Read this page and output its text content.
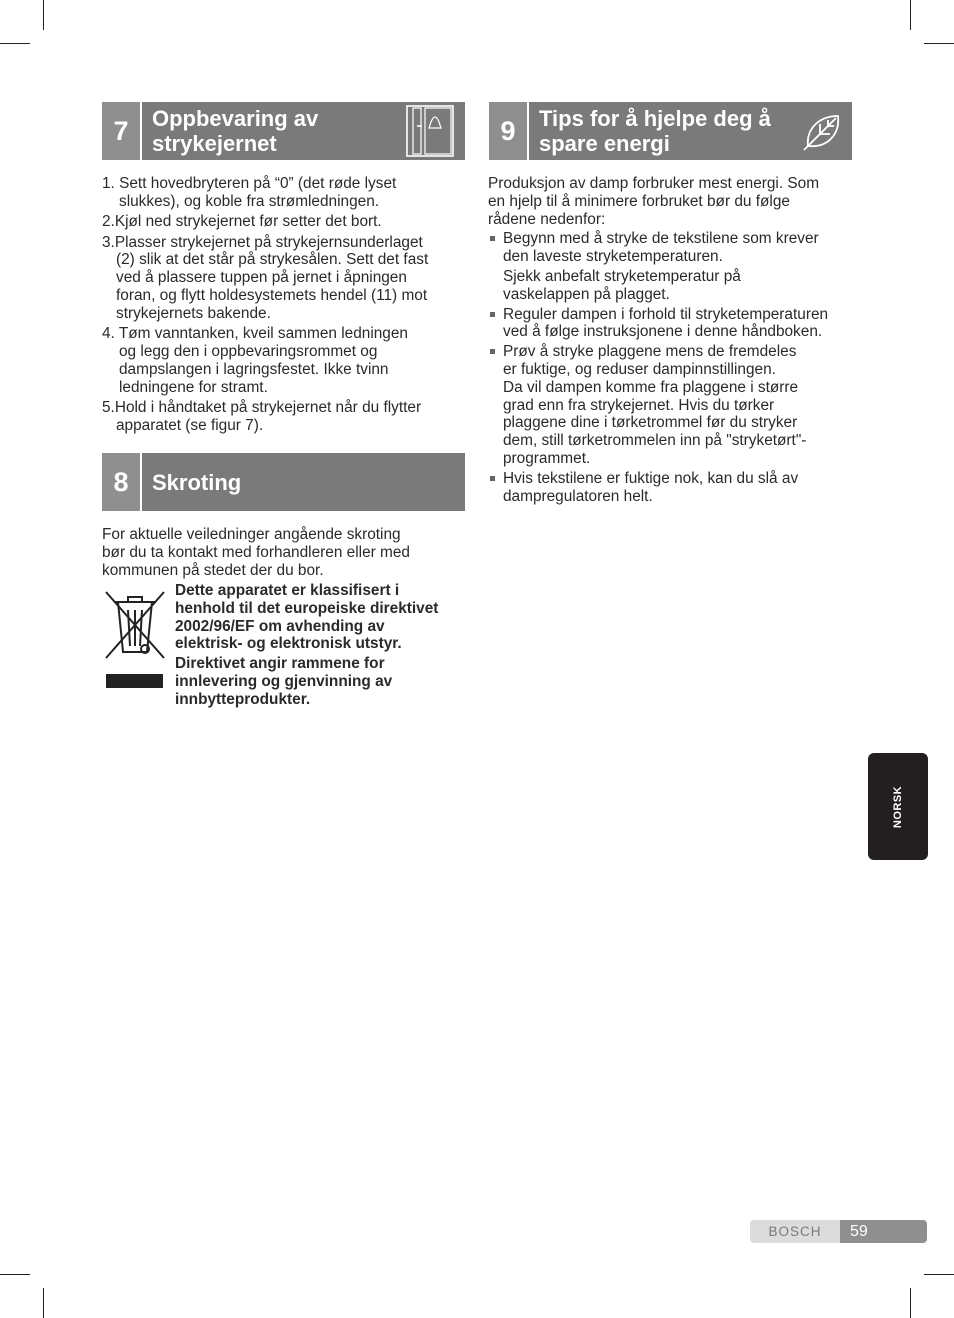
7	Oppbevaring av
strykejernet
1. Sett hovedbryteren på “0” (det røde lyset
slukkes), og koble fra strømledningen.
2.Kjøl ned strykejernet før setter det bort.
3.Plasser strykejernet på strykejernsunderlaget
(2) slik at det står på strykesålen. Sett det fast
ved å plassere tuppen på jernet i åpningen
foran, og flytt holdesystemets hendel (11) mot
strykejernets bakende.
4. Tøm vanntanken, kveil sammen ledningen
og legg den i oppbevaringsrommet og
dampslangen i lagringsfestet. Ikke tvinn
ledningene for stramt.
5.Hold i håndtaket på strykejernet når du flytter
apparatet (se figur 7).
8	Skroting
For aktuelle veiledninger angående skroting
bør du ta kontakt med forhandleren eller med
kommunen på stedet der du bor.
Dette apparatet er klassifisert i
henhold til det europeiske direktivet
2002/96/EF om avhending av
elektrisk- og elektronisk utstyr.
Direktivet angir rammene for
innlevering og gjenvinning av
innbytteprodukter.
9	Tips for å hjelpe deg å
spare energi
Produksjon av damp forbruker mest energi. Som
en hjelp til å minimere forbruket bør du følge
rådene nedenfor:
Begynn med å stryke de tekstilene som krever
den laveste stryketemperaturen.
Sjekk anbefalt stryketemperatur på
vaskelappen på plagget.
Reguler dampen i forhold til stryketemperaturen
ved å følge instruksjonene i denne håndboken.
Prøv å stryke plaggene mens de fremdeles
er fuktige, og reduser dampinnstillingen.
Da vil dampen komme fra plaggene i større
grad enn fra strykejernet. Hvis du tørker
plaggene dine i tørketrommel før du stryker
dem, still tørketrommelen inn på "stryketørt"-
programmet.
Hvis tekstilene er fuktige nok, kan du slå av
dampregulatoren helt.
NORSK
BOSCH	59
